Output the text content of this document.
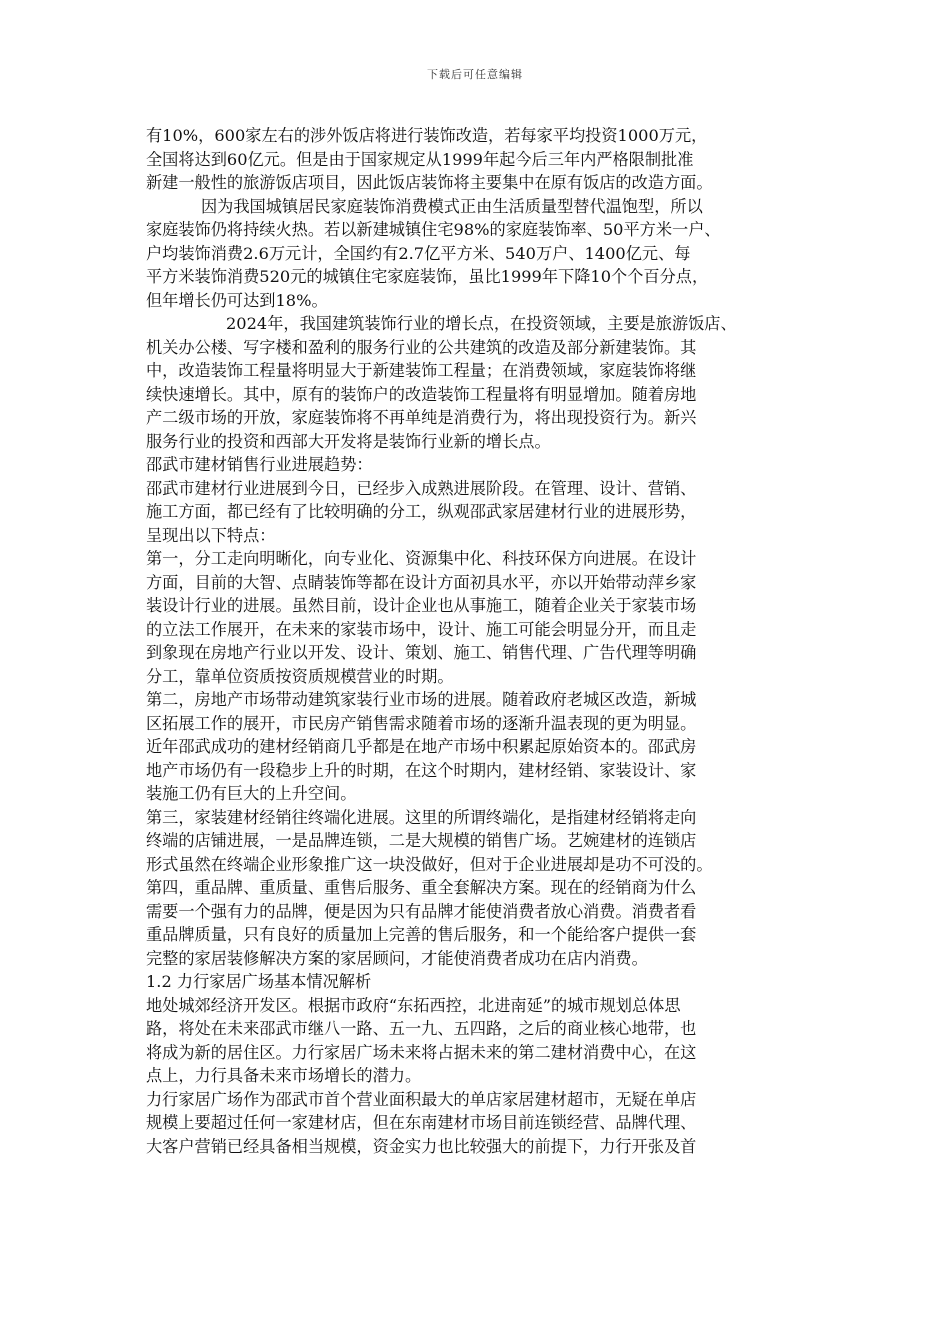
下载后可任意编辑
有10%，600家左右的涉外饭店将进行装饰改造，若每家平均投资1000万元，
全国将达到60亿元。但是由于国家规定从1999年起今后三年内严格限制批准
新建一般性的旅游饭店项目，因此饭店装饰将主要集中在原有饭店的改造方面。
因为我国城镇居民家庭装饰消费模式正由生活质量型替代温饱型，所以
家庭装饰仍将持续火热。若以新建城镇住宅98%的家庭装饰率、50平方米一户、
户均装饰消费2.6万元计，全国约有2.7亿平方米、540万户、1400亿元、每
平方米装饰消费520元的城镇住宅家庭装饰，虽比1999年下降10个个百分点，
但年增长仍可达到18%。
2024年，我国建筑装饰行业的增长点，在投资领域，主要是旅游饭店、
机关办公楼、写字楼和盈利的服务行业的公共建筑的改造及部分新建装饰。其
中，改造装饰工程量将明显大于新建装饰工程量；在消费领域，家庭装饰将继
续快速增长。其中，原有的装饰户的改造装饰工程量将有明显增加。随着房地
产二级市场的开放，家庭装饰将不再单纯是消费行为，将出现投资行为。新兴
服务行业的投资和西部大开发将是装饰行业新的增长点。
邵武市建材销售行业进展趋势：
邵武市建材行业进展到今日，已经步入成熟进展阶段。在管理、设计、营销、
施工方面，都已经有了比较明确的分工，纵观邵武家居建材行业的进展形势，
呈现出以下特点：
第一，分工走向明晰化，向专业化、资源集中化、科技环保方向进展。在设计
方面，目前的大智、点睛装饰等都在设计方面初具水平，亦以开始带动萍乡家
装设计行业的进展。虽然目前，设计企业也从事施工，随着企业关于家装市场
的立法工作展开，在未来的家装市场中，设计、施工可能会明显分开，而且走
到象现在房地产行业以开发、设计、策划、施工、销售代理、广告代理等明确
分工，靠单位资质按资质规模营业的时期。
第二，房地产市场带动建筑家装行业市场的进展。随着政府老城区改造，新城
区拓展工作的展开，市民房产销售需求随着市场的逐渐升温表现的更为明显。
近年邵武成功的建材经销商几乎都是在地产市场中积累起原始资本的。邵武房
地产市场仍有一段稳步上升的时期，在这个时期内，建材经销、家装设计、家
装施工仍有巨大的上升空间。
第三，家装建材经销往终端化进展。这里的所谓终端化，是指建材经销将走向
终端的店铺进展，一是品牌连锁，二是大规模的销售广场。艺婉建材的连锁店
形式虽然在终端企业形象推广这一块没做好，但对于企业进展却是功不可没的。
第四，重品牌、重质量、重售后服务、重全套解决方案。现在的经销商为什么
需要一个强有力的品牌，便是因为只有品牌才能使消费者放心消费。消费者看
重品牌质量，只有良好的质量加上完善的售后服务，和一个能给客户提供一套
完整的家居装修解决方案的家居顾问，才能使消费者成功在店内消费。
1.2 力行家居广场基本情况解析
地处城郊经济开发区。根据市政府“东拓西控，北进南延”的城市规划总体思
路，将处在未来邵武市继八一路、五一九、五四路，之后的商业核心地带，也
将成为新的居住区。力行家居广场未来将占据未来的第二建材消费中心，在这
点上，力行具备未来市场增长的潜力。
力行家居广场作为邵武市首个营业面积最大的单店家居建材超市，无疑在单店
规模上要超过任何一家建材店，但在东南建材市场目前连锁经营、品牌代理、
大客户营销已经具备相当规模，资金实力也比较强大的前提下，力行开张及首
